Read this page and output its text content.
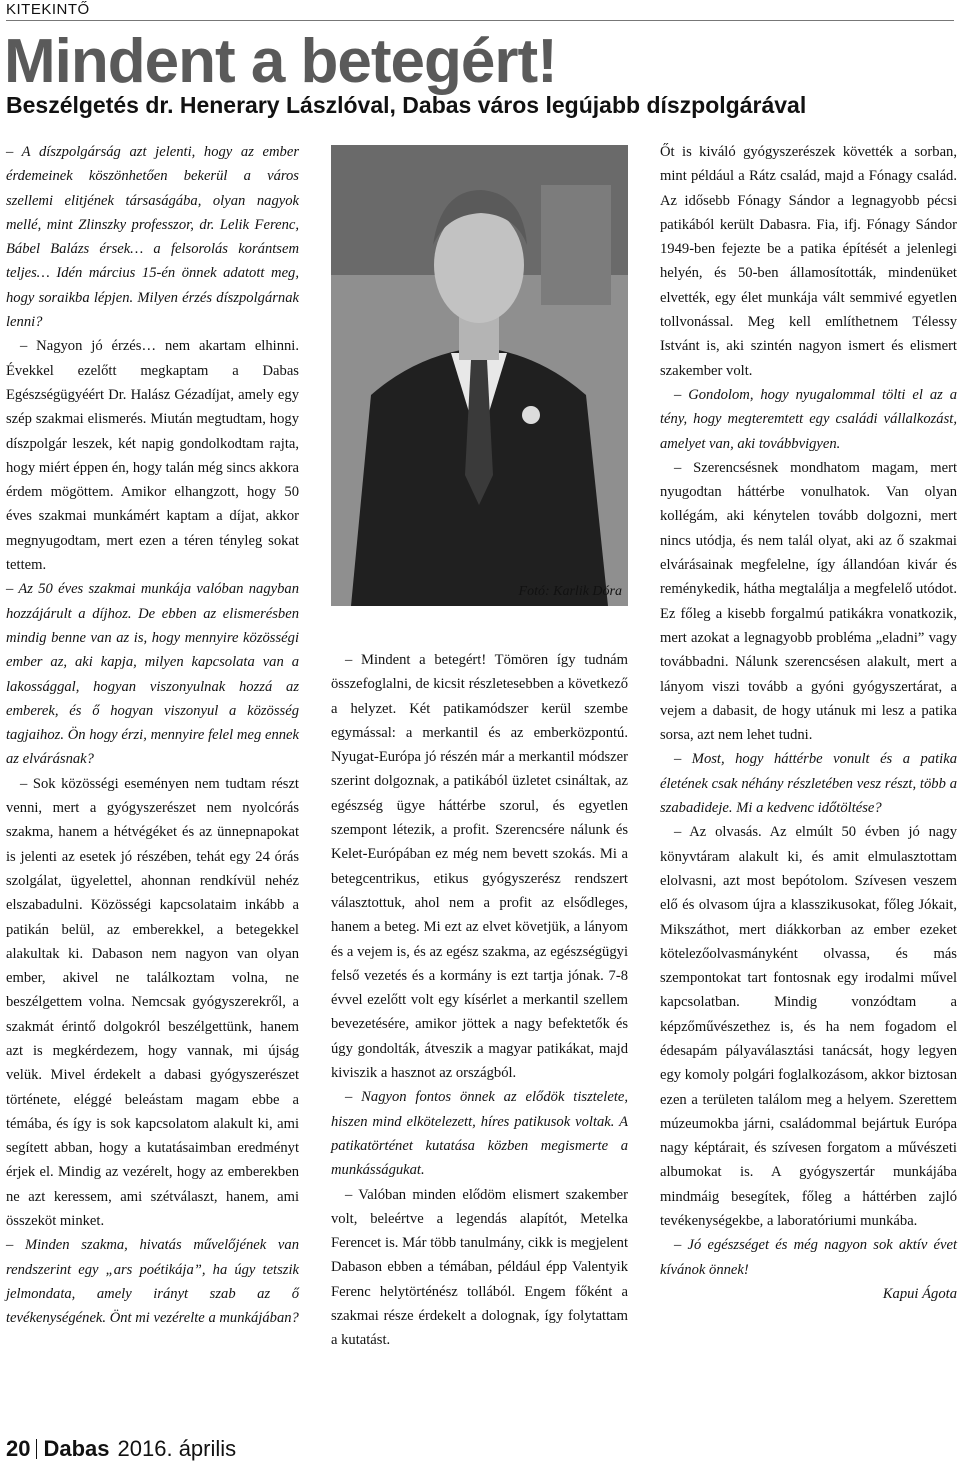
KITEKINTŐ
Mindent a betegért!
Beszélgetés dr. Henerary Lászlóval, Dabas város legújabb díszpolgárával

– A díszpolgárság azt jelenti, hogy az ember érdemeinek köszönhetően bekerül a város szellemi elitjének társaságába, olyan nagyok mellé, mint Zlinszky professzor, dr. Lelik Ferenc, Bábel Balázs érsek… a felsorolás korántsem teljes… Idén március 15-én önnek adatott meg, hogy soraikba lépjen. Milyen érzés díszpolgárnak lenni?

– Nagyon jó érzés… nem akartam elhinni. Évekkel ezelőtt megkaptam a Dabas Egészségügyéért Dr. Halász Gézadíjat, amely egy szép szakmai elismerés. Miután megtudtam, hogy díszpolgár leszek, két napig gondolkodtam rajta, hogy miért éppen én, hogy talán még sincs akkora érdem mögöttem. Amikor elhangzott, hogy 50 éves szakmai munkámért kaptam a díjat, akkor megnyugodtam, mert ezen a téren tényleg sokat tettem.

– Az 50 éves szakmai munkája valóban nagyban hozzájárult a díjhoz. De ebben az elismerésben mindig benne van az is, hogy mennyire közösségi ember az, aki kapja, milyen kapcsolata van a lakossággal, hogyan viszonyulnak hozzá az emberek, és ő hogyan viszonyul a közösség tagjaihoz. Ön hogy érzi, mennyire felel meg ennek az elvárásnak?

– Sok közösségi eseményen nem tudtam részt venni, mert a gyógyszerészet nem nyolcórás szakma, hanem a hétvégéket és az ünnepnapokat is jelenti az esetek jó részében, tehát egy 24 órás szolgálat, ügyelettel, ahonnan rendkívül nehéz elszabadulni. Közösségi kapcsolataim inkább a patikán belül, az emberekkel, a betegekkel alakultak ki. Dabason nem nagyon van olyan ember, akivel ne találkoztam volna, ne beszélgettem volna. Nemcsak gyógyszerekről, a szakmát érintő dolgokról beszélgettünk, hanem azt is megkérdezem, hogy vannak, mi újság velük. Mivel érdekelt a dabasi gyógyszerészet története, eléggé beleástam magam ebbe a témába, és így is sok kapcsolatom alakult ki, ami segített abban, hogy a kutatásaimban eredményt érjek el. Mindig az vezérelt, hogy az emberekben ne azt keressem, ami szétválaszt, hanem, ami összeköt minket.

– Minden szakma, hivatás művelőjének van rendszerint egy „ars poétikája”, ha úgy tetszik jelmondata, amely irányt szab az ő tevékenységének. Önt mi vezérelte a munkájában?

Fotó: Karlik Dóra

– Mindent a betegért! Tömören így tudnám összefoglalni, de kicsit részletesebben a következő a helyzet. Két patikamódszer kerül szembe egymással: a merkantil és az emberközpontú. Nyugat-Európa jó részén már a merkantil módszer szerint dolgoznak, a patikából üzletet csináltak, az egészség ügye háttérbe szorul, és egyetlen szempont létezik, a profit. Szerencsére nálunk és Kelet-Európában ez még nem bevett szokás. Mi a betegcentrikus, etikus gyógyszerész rendszert választottuk, ahol nem a profit az elsődleges, hanem a beteg. Mi ezt az elvet követjük, a lányom és a vejem is, és az egész szakma, az egészségügyi felső vezetés és a kormány is ezt tartja jónak. 7-8 évvel ezelőtt volt egy kísérlet a merkantil szellem bevezetésére, amikor jöttek a nagy befektetők és úgy gondolták, átveszik a magyar patikákat, majd kiviszik a hasznot az országból.

– Nagyon fontos önnek az elődök tisztelete, hiszen mind elkötelezett, híres patikusok voltak. A patikatörténet kutatása közben megismerte a munkásságukat.

– Valóban minden elődöm elismert szakember volt, beleértve a legendás alapítót, Metelka Ferencet is. Már több tanulmány, cikk is megjelent Dabason ebben a témában, például épp Valentyik Ferenc helytörténész tollából. Engem főként a szakmai része érdekelt a dolognak, így folytattam a kutatást.

Őt is kiváló gyógyszerészek követték a sorban, mint például a Rátz család, majd a Fónagy család. Az idősebb Fónagy Sándor a legnagyobb pécsi patikából került Dabasra. Fia, ifj. Fónagy Sándor 1949-ben fejezte be a patika építését a jelenlegi helyén, és 50-ben államosították, mindenüket elvették, egy élet munkája vált semmivé egyetlen tollvonással. Meg kell említhetnem Télessy Istvánt is, aki szintén nagyon ismert és elismert szakember volt.

– Gondolom, hogy nyugalommal tölti el az a tény, hogy megteremtett egy családi vállalkozást, amelyet van, aki továbbvigyen.

– Szerencsésnek mondhatom magam, mert nyugodtan háttérbe vonulhatok. Van olyan kollégám, aki kénytelen tovább dolgozni, mert nincs utódja, és nem talál olyat, aki az ő szakmai elvárásainak megfelelne, így állandóan kivár és reménykedik, hátha megtalálja a megfelelő utódot. Ez főleg a kisebb forgalmú patikákra vonatkozik, mert azokat a legnagyobb probléma „eladni” vagy továbbadni. Nálunk szerencsésen alakult, mert a lányom viszi tovább a gyóni gyógyszertárat, a vejem a dabasit, de hogy utánuk mi lesz a patika sorsa, azt nem lehet tudni.

– Most, hogy háttérbe vonult és a patika életének csak néhány részletében vesz részt, több a szabadideje. Mi a kedvenc időtöltése?

– Az olvasás. Az elmúlt 50 évben jó nagy könyvtáram alakult ki, és amit elmulasztottam elolvasni, azt most bepótolom. Szívesen veszem elő és olvasom újra a klasszikusokat, főleg Jókait, Mikszáthot, mert diákkorban az ember ezeket kötelezőolvasmányként olvassa, és más szempontokat tart fontosnak egy irodalmi művel kapcsolatban. Mindig vonzódtam a képzőművészethez is, és ha nem fogadom el édesapám pályaválasztási tanácsát, hogy legyen egy komoly polgári foglalkozásom, akkor biztosan ezen a területen találom meg a helyem. Szerettem múzeumokba járni, családommal bejártuk Európa nagy képtárait, és szívesen forgatom a művészeti albumokat is. A gyógyszertár munkájába mindmáig besegítek, főleg a háttérben zajló tevékenységekbe, a laboratóriumi munkába.

– Jó egészséget és még nagyon sok aktív évet kívánok önnek!

Kapui Ágota

20 Dabas 2016. április
